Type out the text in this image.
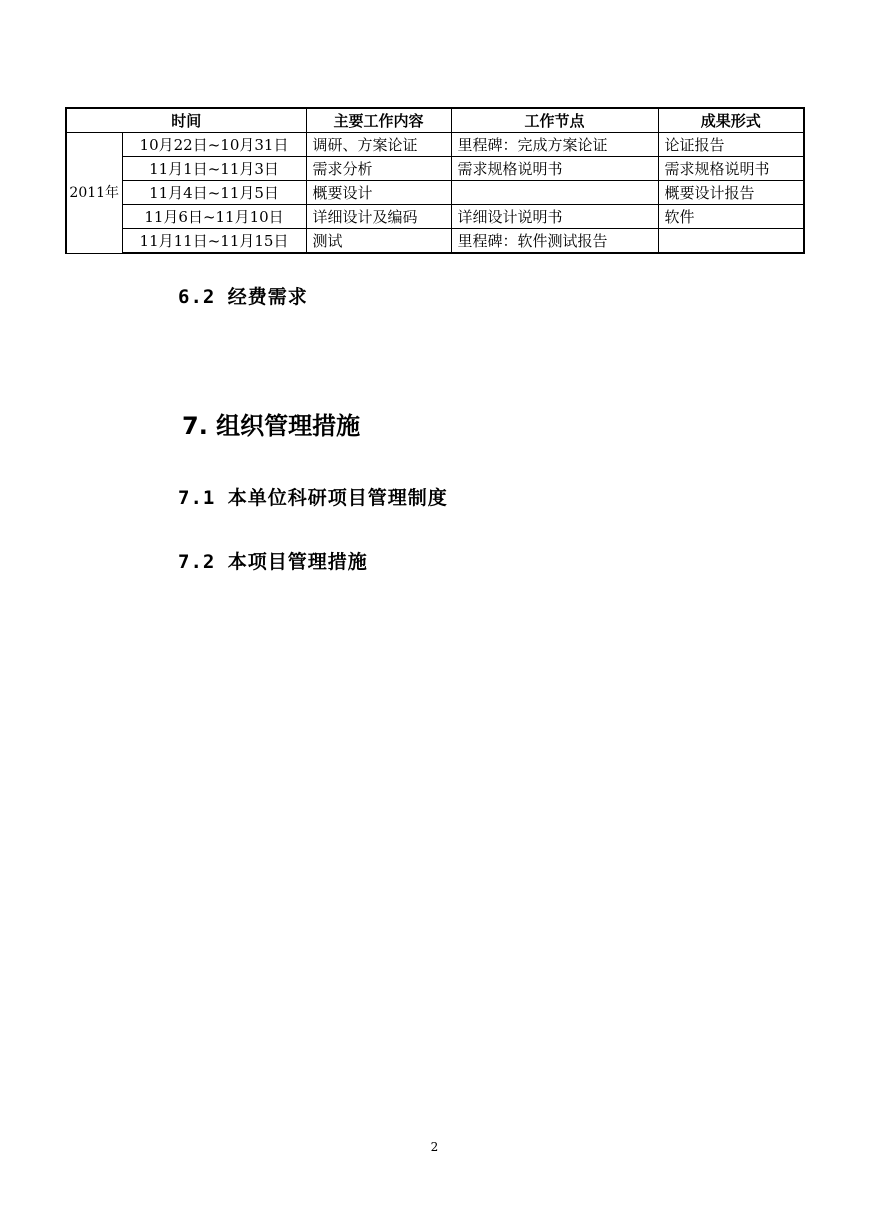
时间		主要工作内容	工作节点	成果形式
2011年	10月22日~10月31日	调研、方案论证	里程碑：完成方案论证	论证报告
	11月1日~11月3日	需求分析	需求规格说明书	需求规格说明书
	11月4日~11月5日	概要设计		概要设计报告
	11月6日~11月10日	详细设计及编码	详细设计说明书	软件
	11月11日~11月15日	测试	里程碑：软件测试报告	
6.2 经费需求
7. 组织管理措施
7.1 本单位科研项目管理制度
7.2 本项目管理措施
2
